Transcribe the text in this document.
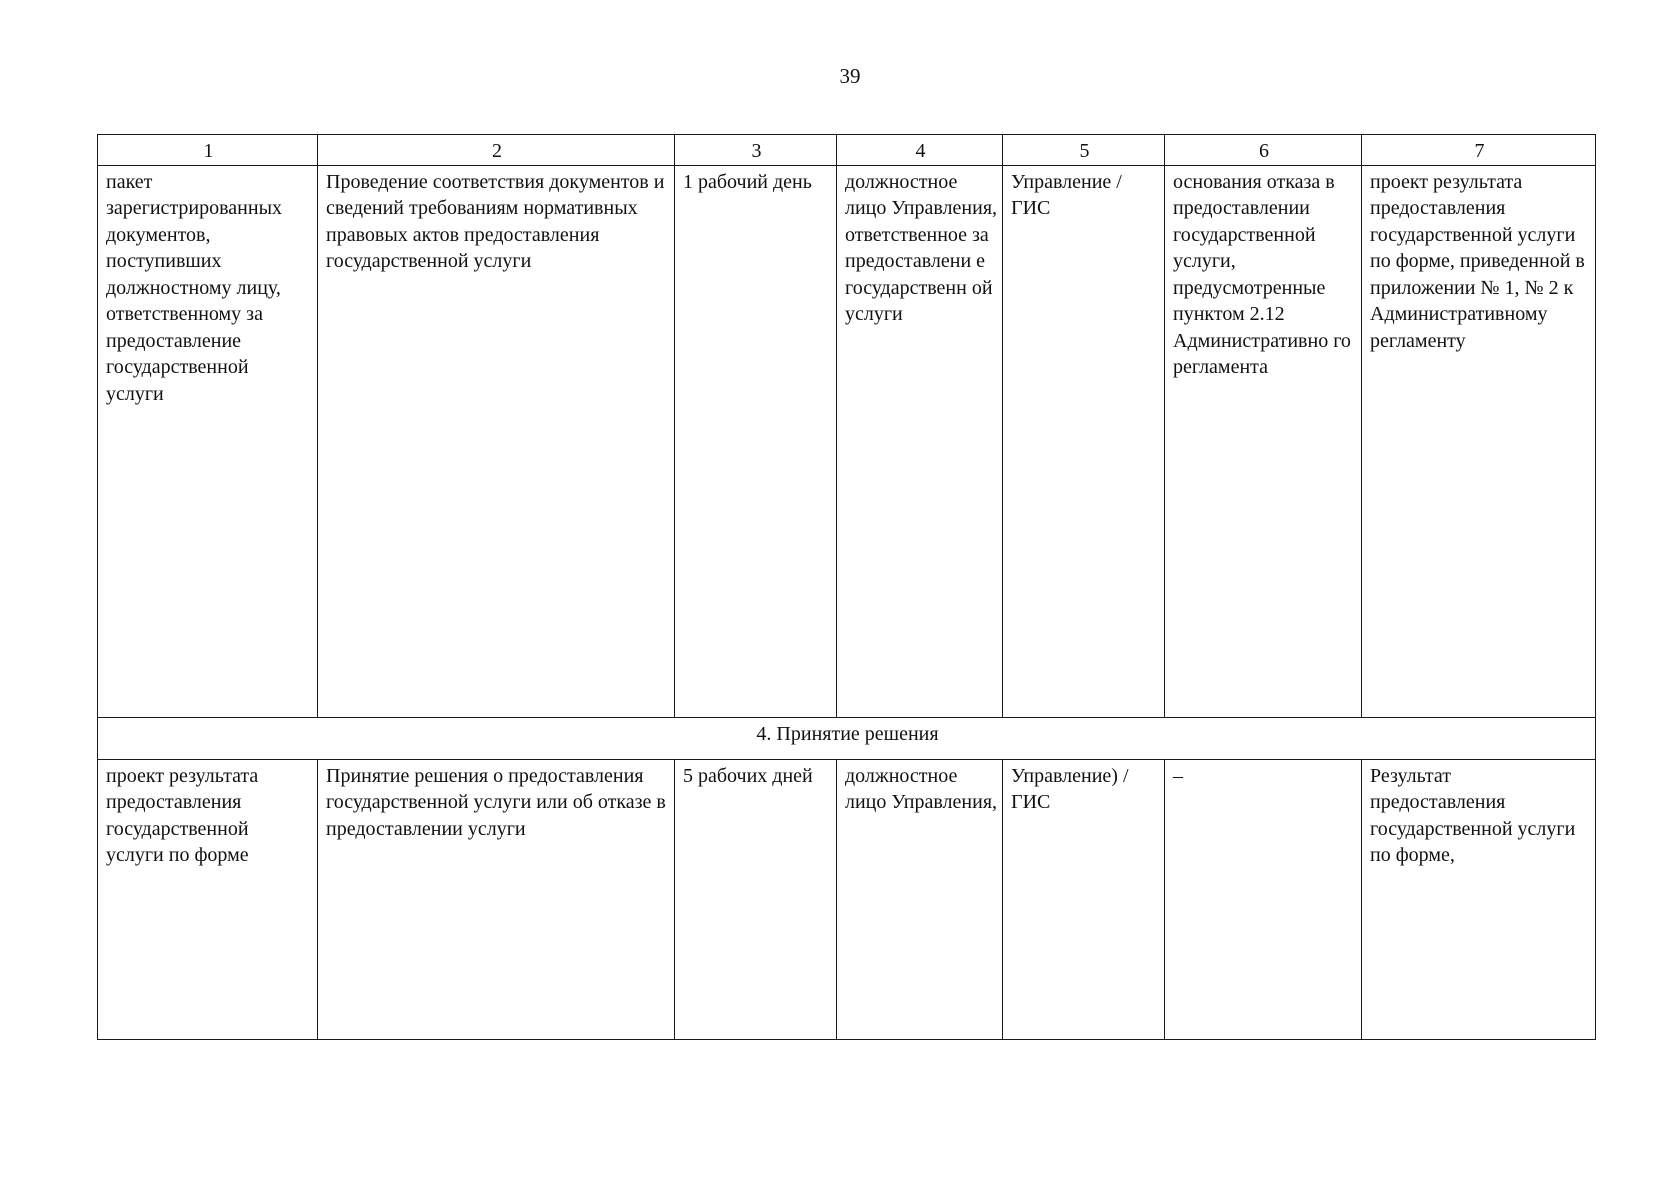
39
1	2	3	4	5	6	7
пакет зарегистрированных документов, поступивших должностному лицу, ответственному за предоставление государственной услуги	Проведение соответствия документов и сведений требованиям нормативных правовых актов предоставления государственной услуги	1 рабочий день	должностное лицо Управления, ответственное за предоставлени е государственн ой услуги	Управление / ГИС	основания отказа в предоставлении государственной услуги, предусмотренные пунктом 2.12 Административно го регламента	проект результата предоставления государственной услуги по форме, приведенной в приложении № 1, № 2 к Административному регламенту
4. Принятие решения						
проект результата предоставления государственной услуги по форме	Принятие решения о предоставления государственной услуги или об отказе в предоставлении услуги	5 рабочих дней	должностное лицо Управления,	Управление) / ГИС	–	Результат предоставления государственной услуги по форме,
